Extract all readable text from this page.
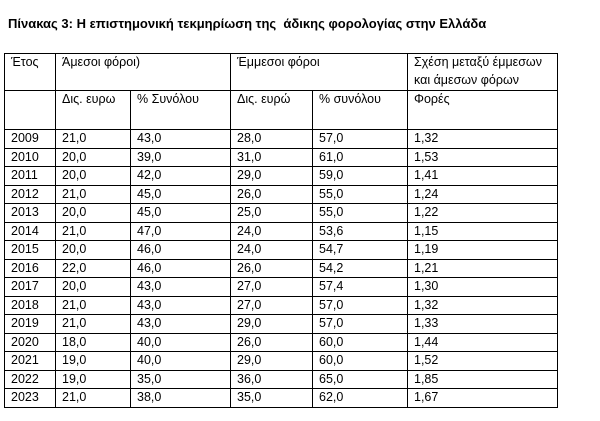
Πίνακας 3: Η επιστημονική τεκμηρίωση της  άδικης φορολογίας στην Ελλάδα
Έτος	Άμεσοι φόροι)		Έμμεσοι φόροι		Σχέση μεταξύ έμμεσων και άμεσων φόρων
	Δις. ευρω	% Συνόλου	Δις. ευρώ	% συνόλου	Φορές
2009	21,0	43,0	28,0	57,0	1,32
2010	20,0	39,0	31,0	61,0	1,53
2011	20,0	42,0	29,0	59,0	1,41
2012	21,0	45,0	26,0	55,0	1,24
2013	20,0	45,0	25,0	55,0	1,22
2014	21,0	47,0	24,0	53,6	1,15
2015	20,0	46,0	24,0	54,7	1,19
2016	22,0	46,0	26,0	54,2	1,21
2017	20,0	43,0	27,0	57,4	1,30
2018	21,0	43,0	27,0	57,0	1,32
2019	21,0	43,0	29,0	57,0	1,33
2020	18,0	40,0	26,0	60,0	1,44
2021	19,0	40,0	29,0	60,0	1,52
2022	19,0	35,0	36,0	65,0	1,85
2023	21,0	38,0	35,0	62,0	1,67
